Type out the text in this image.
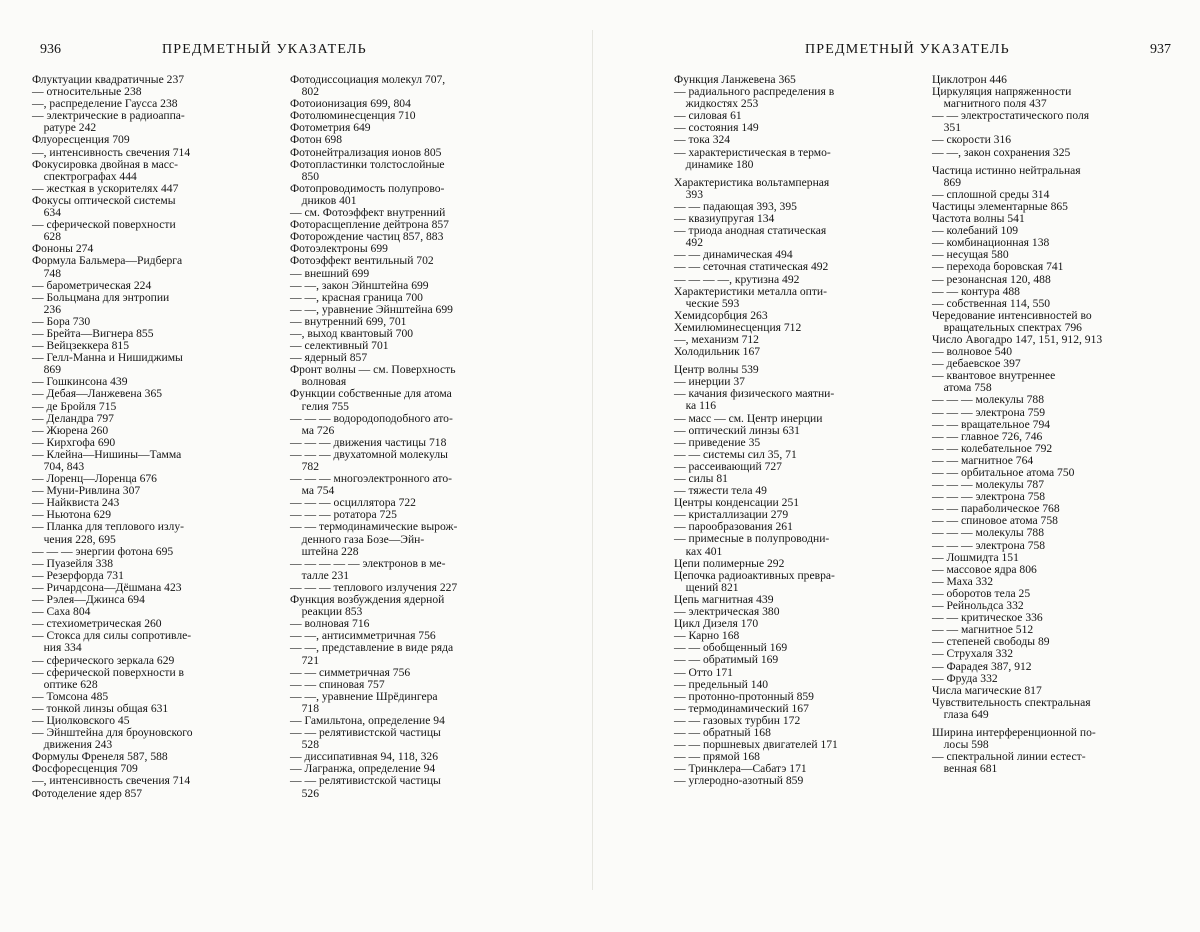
936	ПРЕДМЕТНЫЙ УКАЗАТЕЛЬ
Флуктуации квадратичные 237
— относительные 238
—, распределение Гаусса 238
— электрические в радиоаппа-
ратуре 242
Флуоресценция 709
—, интенсивность свечения 714
Фокусировка двойная в масс-
спектрографах 444
— жесткая в ускорителях 447
Фокусы оптической системы
634
— сферической поверхности
628
Фононы 274
Формула Бальмера—Ридберга
748
— барометрическая 224
— Больцмана для энтропии
236
— Бора 730
— Брейта—Вигнера 855
— Вейцзеккера 815
— Гелл-Манна и Нишиджимы
869
— Гошкинсона 439
— Дебая—Ланжевена 365
— де Бройля 715
— Деландра 797
— Жюрена 260
— Кирхгофа 690
— Клейна—Нишины—Тамма
704, 843
— Лоренц—Лоренца 676
— Муни-Ривлина 307
— Найквиста 243
— Ньютона 629
— Планка для теплового излу-
чения 228, 695
— — — энергии фотона 695
— Пуазейля 338
— Резерфорда 731
— Ричардсона—Дёшмана 423
— Рэлея—Джинса 694
— Саха 804
— стехиометрическая 260
— Стокса для силы сопротивле-
ния 334
— сферического зеркала 629
— сферической поверхности в
оптике 628
— Томсона 485
— тонкой линзы общая 631
— Циолковского 45
— Эйнштейна для броуновского
движения 243
Формулы Френеля 587, 588
Фосфоресценция 709
—, интенсивность свечения 714
Фотоделение ядер 857
Фотодиссоциация молекул 707,
802
Фотоионизация 699, 804
Фотолюминесценция 710
Фотометрия 649
Фотон 698
Фотонейтрализация ионов 805
Фотопластинки толстослойные
850
Фотопроводимость полупрово-
дников 401
— см. Фотоэффект внутренний
Фоторасщепление дейтрона 857
Фоторождение частиц 857, 883
Фотоэлектроны 699
Фотоэффект вентильный 702
— внешний 699
— —, закон Эйнштейна 699
— —, красная граница 700
— —, уравнение Эйнштейна 699
— внутренний 699, 701
—, выход квантовый 700
— селективный 701
— ядерный 857
Фронт волны — см. Поверхность
волновая
Функции собственные для атома
гелия 755
— — — водородоподобного ато-
ма 726
— — — движения частицы 718
— — — двухатомной молекулы
782
— — — многоэлектронного ато-
ма 754
— — — осциллятора 722
— — — ротатора 725
— — термодинамические вырож-
денного газа Бозе—Эйн-
штейна 228
— — — — — электронов в ме-
талле 231
— — — теплового излучения 227
Функция возбуждения ядерной
реакции 853
— волновая 716
— —, антисимметричная 756
— —, представление в виде ряда
721
— — симметричная 756
— — спиновая 757
— —, уравнение Шрёдингера
718
— Гамильтона, определение 94
— — релятивистской частицы
528
— диссипативная 94, 118, 326
— Лагранжа, определение 94
— — релятивистской частицы
526
ПРЕДМЕТНЫЙ УКАЗАТЕЛЬ	937
Функция Ланжевена 365
— радиального распределения в
жидкостях 253
— силовая 61
— состояния 149
— тока 324
— характеристическая в термо-
динамике 180
Характеристика вольтамперная
393
— — падающая 393, 395
— квазиупругая 134
— триода анодная статическая
492
— — динамическая 494
— — сеточная статическая 492
— — — —, крутизна 492
Характеристики металла опти-
ческие 593
Хемидсорбция 263
Хемилюминесценция 712
—, механизм 712
Холодильник 167
Центр волны 539
— инерции 37
— качания физического маятни-
ка 116
— масс — см. Центр инерции
— оптический линзы 631
— приведение 35
— — системы сил 35, 71
— рассеивающий 727
— силы 81
— тяжести тела 49
Центры конденсации 251
— кристаллизации 279
— парообразования 261
— примесные в полупроводни-
ках 401
Цепи полимерные 292
Цепочка радиоактивных превра-
щений 821
Цепь магнитная 439
— электрическая 380
Цикл Дизеля 170
— Карно 168
— — обобщенный 169
— — обратимый 169
— Отто 171
— предельный 140
— протонно-протонный 859
— термодинамический 167
— — газовых турбин 172
— — обратный 168
— — поршневых двигателей 171
— — прямой 168
— Тринклера—Сабатэ 171
— углеродно-азотный 859
Циклотрон 446
Циркуляция напряженности
магнитного поля 437
— — электростатического поля
351
— скорости 316
— —, закон сохранения 325
Частица истинно нейтральная
869
— сплошной среды 314
Частицы элементарные 865
Частота волны 541
— колебаний 109
— комбинационная 138
— несущая 580
— перехода боровская 741
— резонансная 120, 488
— — контура 488
— собственная 114, 550
Чередование интенсивностей во
вращательных спектрах 796
Число Авогадро 147, 151, 912, 913
— волновое 540
— дебаевское 397
— квантовое внутреннее
атома 758
— — — молекулы 788
— — — электрона 759
— — вращательное 794
— — главное 726, 746
— — колебательное 792
— — магнитное 764
— — орбитальное атома 750
— — — молекулы 787
— — — электрона 758
— — параболическое 768
— — спиновое атома 758
— — — молекулы 788
— — — электрона 758
— Лошмидта 151
— массовое ядра 806
— Маха 332
— оборотов тела 25
— Рейнольдса 332
— — критическое 336
— — магнитное 512
— степеней свободы 89
— Струхаля 332
— Фарадея 387, 912
— Фруда 332
Числа магические 817
Чувствительность спектральная
глаза 649
Ширина интерференционной по-
лосы 598
— спектральной линии естест-
венная 681
